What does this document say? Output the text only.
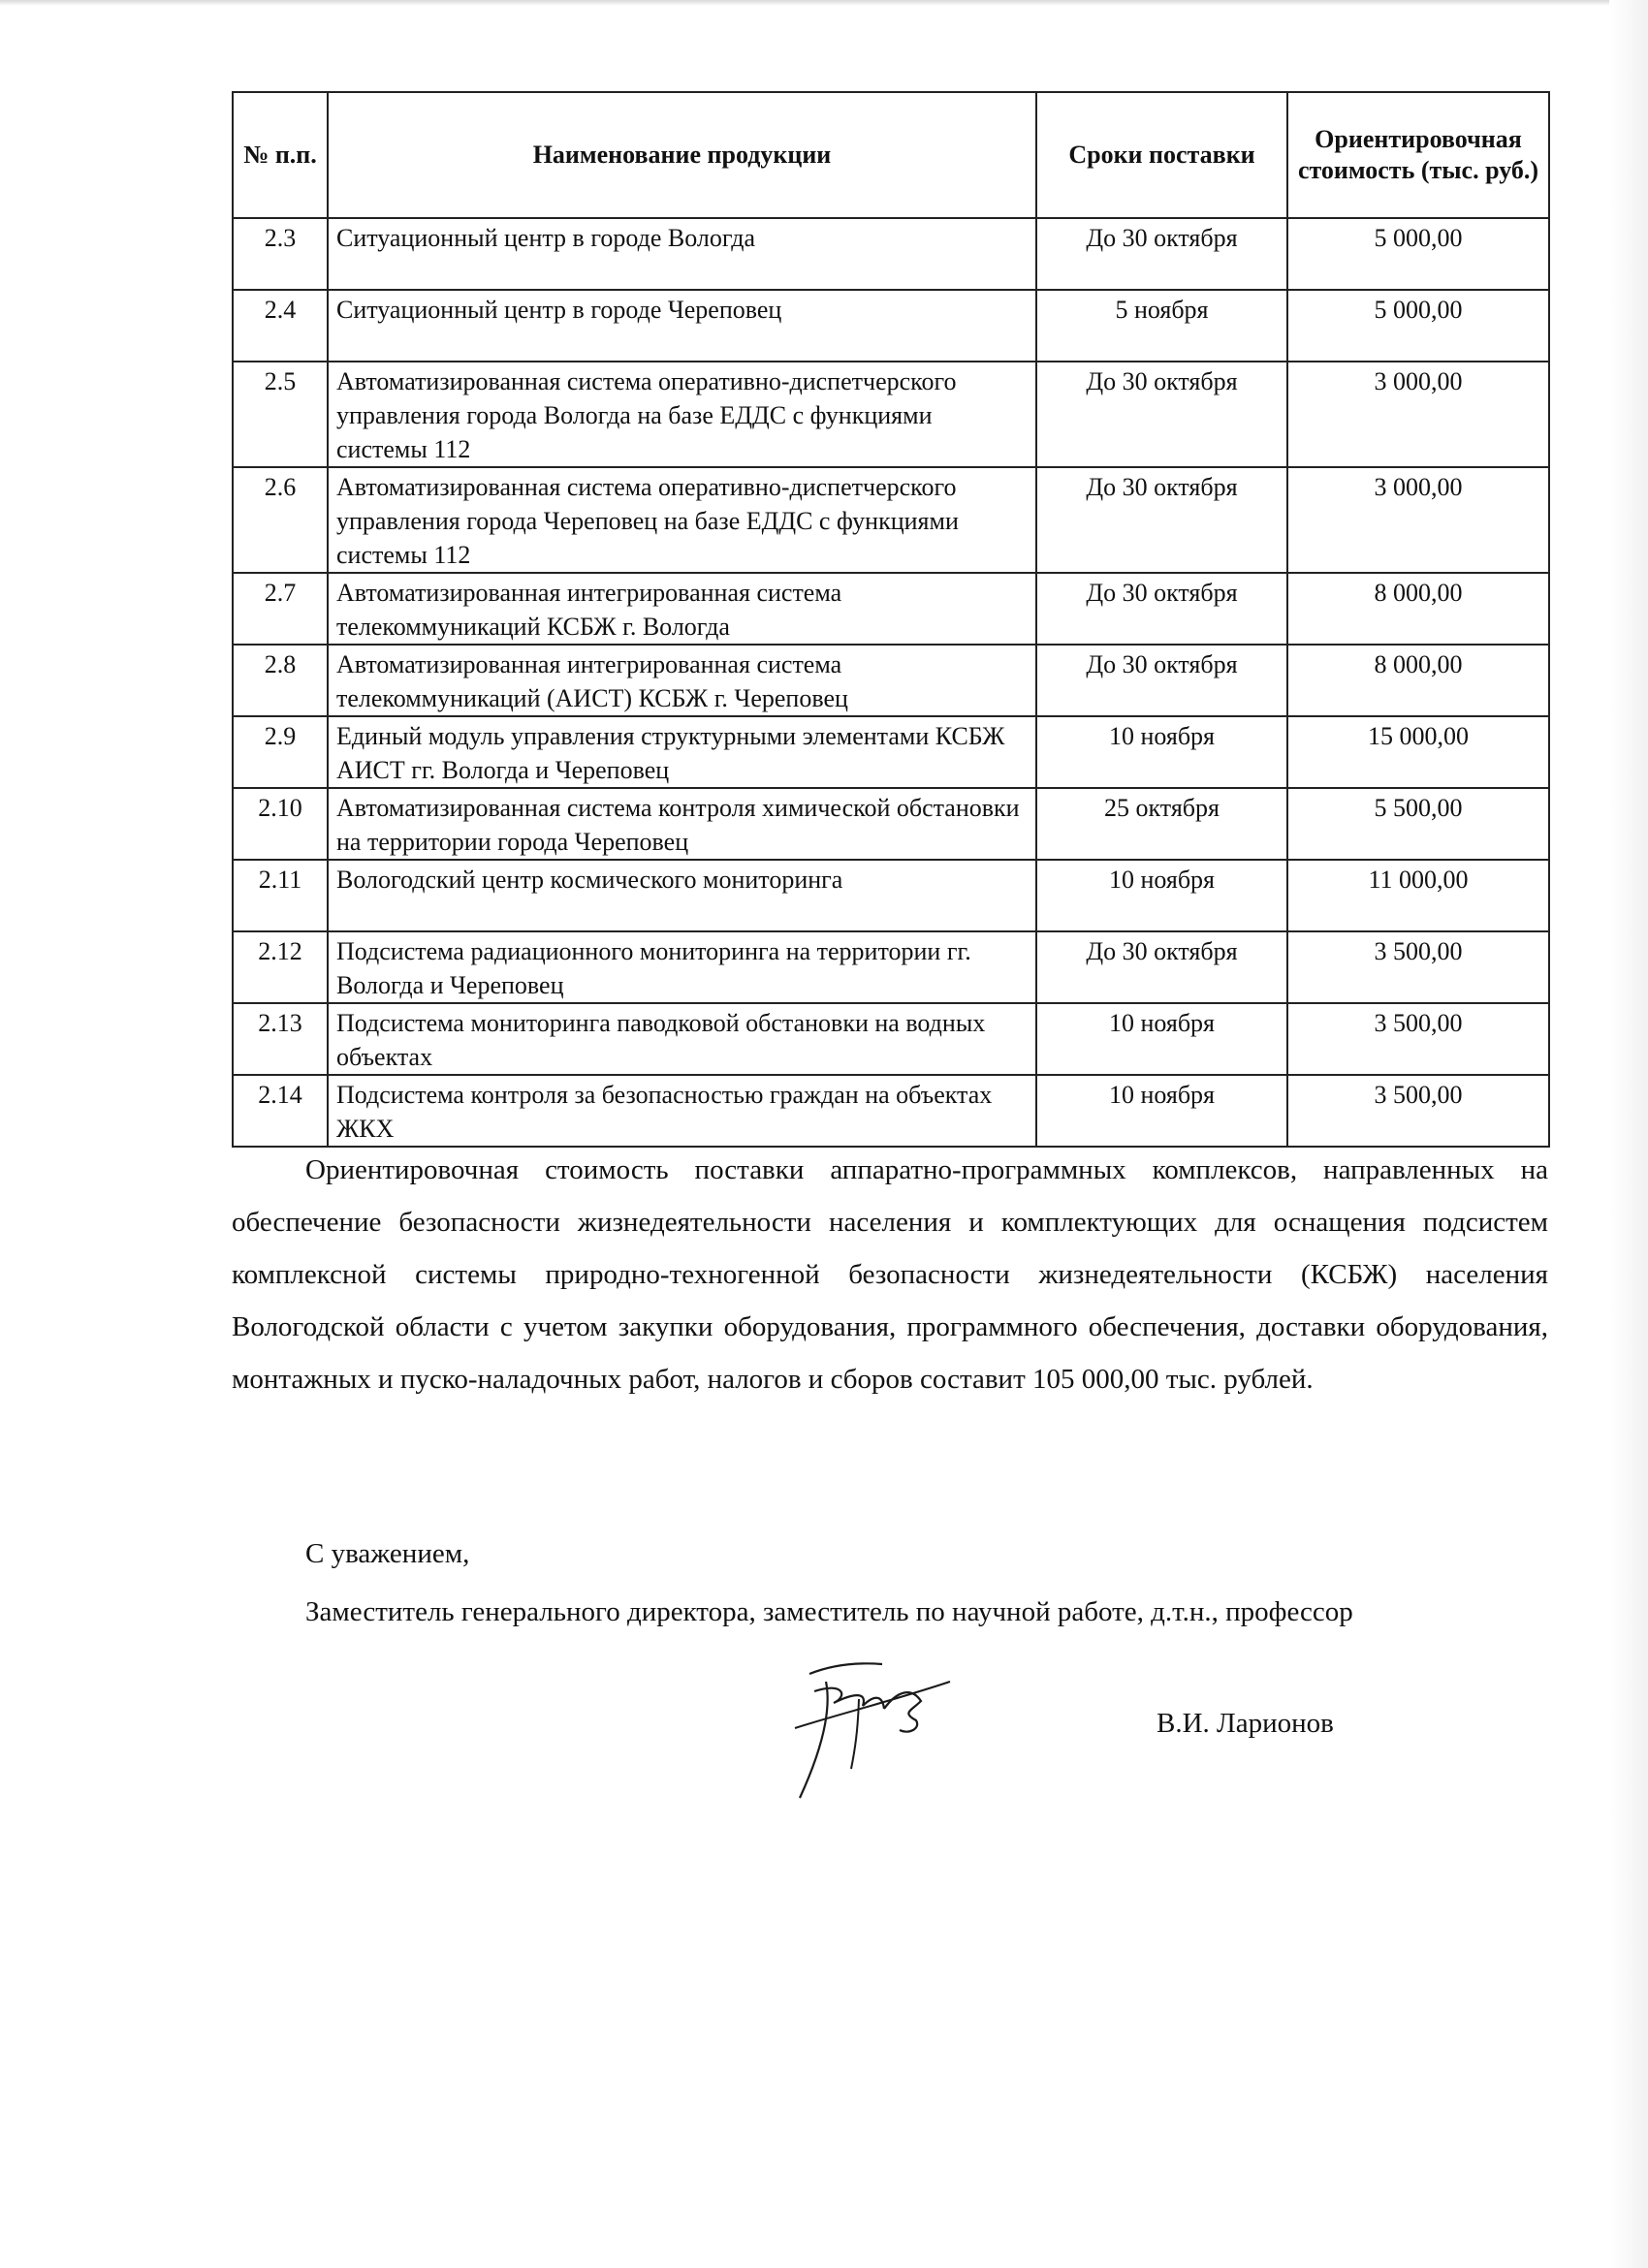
№ п.п.	Наименование продукции	Сроки поставки	Ориентировочная стоимость (тыс. руб.)
2.3	Ситуационный центр в городе Вологда	До 30 октября	5 000,00
2.4	Ситуационный центр в городе Череповец	5 ноября	5 000,00
2.5	Автоматизированная система оперативно-диспетчерского управления города Вологда на базе ЕДДС с функциями системы 112	До 30 октября	3 000,00
2.6	Автоматизированная система оперативно-диспетчерского управления города Череповец на базе ЕДДС с функциями системы 112	До 30 октября	3 000,00
2.7	Автоматизированная интегрированная система телекоммуникаций КСБЖ г. Вологда	До 30 октября	8 000,00
2.8	Автоматизированная интегрированная система телекоммуникаций (АИСТ) КСБЖ г. Череповец	До 30 октября	8 000,00
2.9	Единый модуль управления структурными элементами КСБЖ АИСТ гг. Вологда и Череповец	10 ноября	15 000,00
2.10	Автоматизированная система контроля химической обстановки на территории города Череповец	25 октября	5 500,00
2.11	Вологодский центр космического мониторинга	10 ноября	11 000,00
2.12	Подсистема радиационного мониторинга на территории гг. Вологда и Череповец	До 30 октября	3 500,00
2.13	Подсистема мониторинга паводковой обстановки на водных объектах	10 ноября	3 500,00
2.14	Подсистема контроля за безопасностью граждан на объектах ЖКХ	10 ноября	3 500,00

Ориентировочная стоимость поставки аппаратно-программных комплексов, направленных на обеспечение безопасности жизнедеятельности населения и комплектующих для оснащения подсистем комплексной системы природно-техногенной безопасности жизнедеятельности (КСБЖ) населения Вологодской области с учетом закупки оборудования, программного обеспечения, доставки оборудования, монтажных и пуско-наладочных работ, налогов и сборов составит 105 000,00 тыс. рублей.

С уважением,

Заместитель генерального директора, заместитель по научной работе, д.т.н., профессор

В.И. Ларионов
